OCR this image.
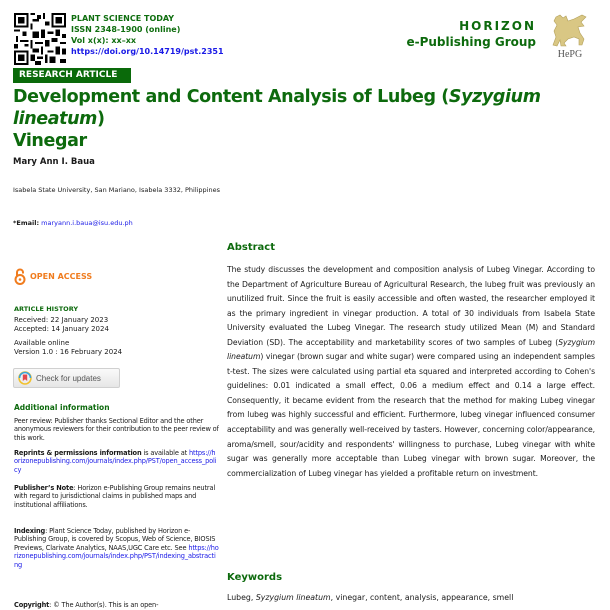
PLANT SCIENCE TODAY
ISSN 2348-1900 (online)
Vol x(x): xx–xx
https://doi.org/10.14719/pst.2351
HORIZON
e-Publishing Group
HePG
RESEARCH ARTICLE
Development and Content Analysis of Lubeg (Syzygium lineatum)
Vinegar
Mary Ann I. Baua
Isabela State University, San Mariano, Isabela 3332, Philippines
*Email: maryann.i.baua@isu.edu.ph
OPEN ACCESS
ARTICLE HISTORY
Received: 22 January 2023
Accepted: 14 January 2024
Available online
Version 1.0 : 16 February 2024
Check for updates
Additional information
Peer review: Publisher thanks Sectional Editor and the other anonymous reviewers for their contribution to the peer review of this work.
Reprints & permissions information is available at https://horizonepublishing.com/journals/index.php/PST/open_access_policy
Publisher’s Note: Horizon e-Publishing Group remains neutral with regard to jurisdictional claims in published maps and institutional affiliations.
Indexing: Plant Science Today, published by Horizon e-Publishing Group, is covered by Scopus, Web of Science, BIOSIS Previews, Clarivate Analytics, NAAS,UGC Care etc. See https://horizonepublishing.com/journals/index.php/PST/indexing_abstracting
Copyright: © The Author(s). This is an open-
Abstract
The study discusses the development and composition analysis of Lubeg Vinegar. According to the Department of Agriculture Bureau of Agricultural Research, the lubeg fruit was previously an unutilized fruit. Since the fruit is easily accessible and often wasted, the researcher employed it as the primary ingredient in vinegar production. A total of 30 individuals from Isabela State University evaluated the Lubeg Vinegar. The research study utilized Mean (M) and Standard Deviation (SD). The acceptability and marketability scores of two samples of Lubeg (Syzygium lineatum) vinegar (brown sugar and white sugar) were compared using an independent samples t-test. The sizes were calculated using partial eta squared and interpreted according to Cohen's guidelines: 0.01 indicated a small effect, 0.06 a medium effect and 0.14 a large effect. Consequently, it became evident from the research that the method for making Lubeg vinegar from lubeg was highly successful and efficient. Furthermore, lubeg vinegar influenced consumer acceptability and was generally well-received by tasters. However, concerning color/appearance, aroma/smell, sour/acidity and respondents' willingness to purchase, Lubeg vinegar with white sugar was generally more acceptable than Lubeg vinegar with brown sugar. Moreover, the commercialization of Lubeg vinegar has yielded a profitable return on investment.
Keywords
Lubeg, Syzygium lineatum, vinegar, content, analysis, appearance, smell
